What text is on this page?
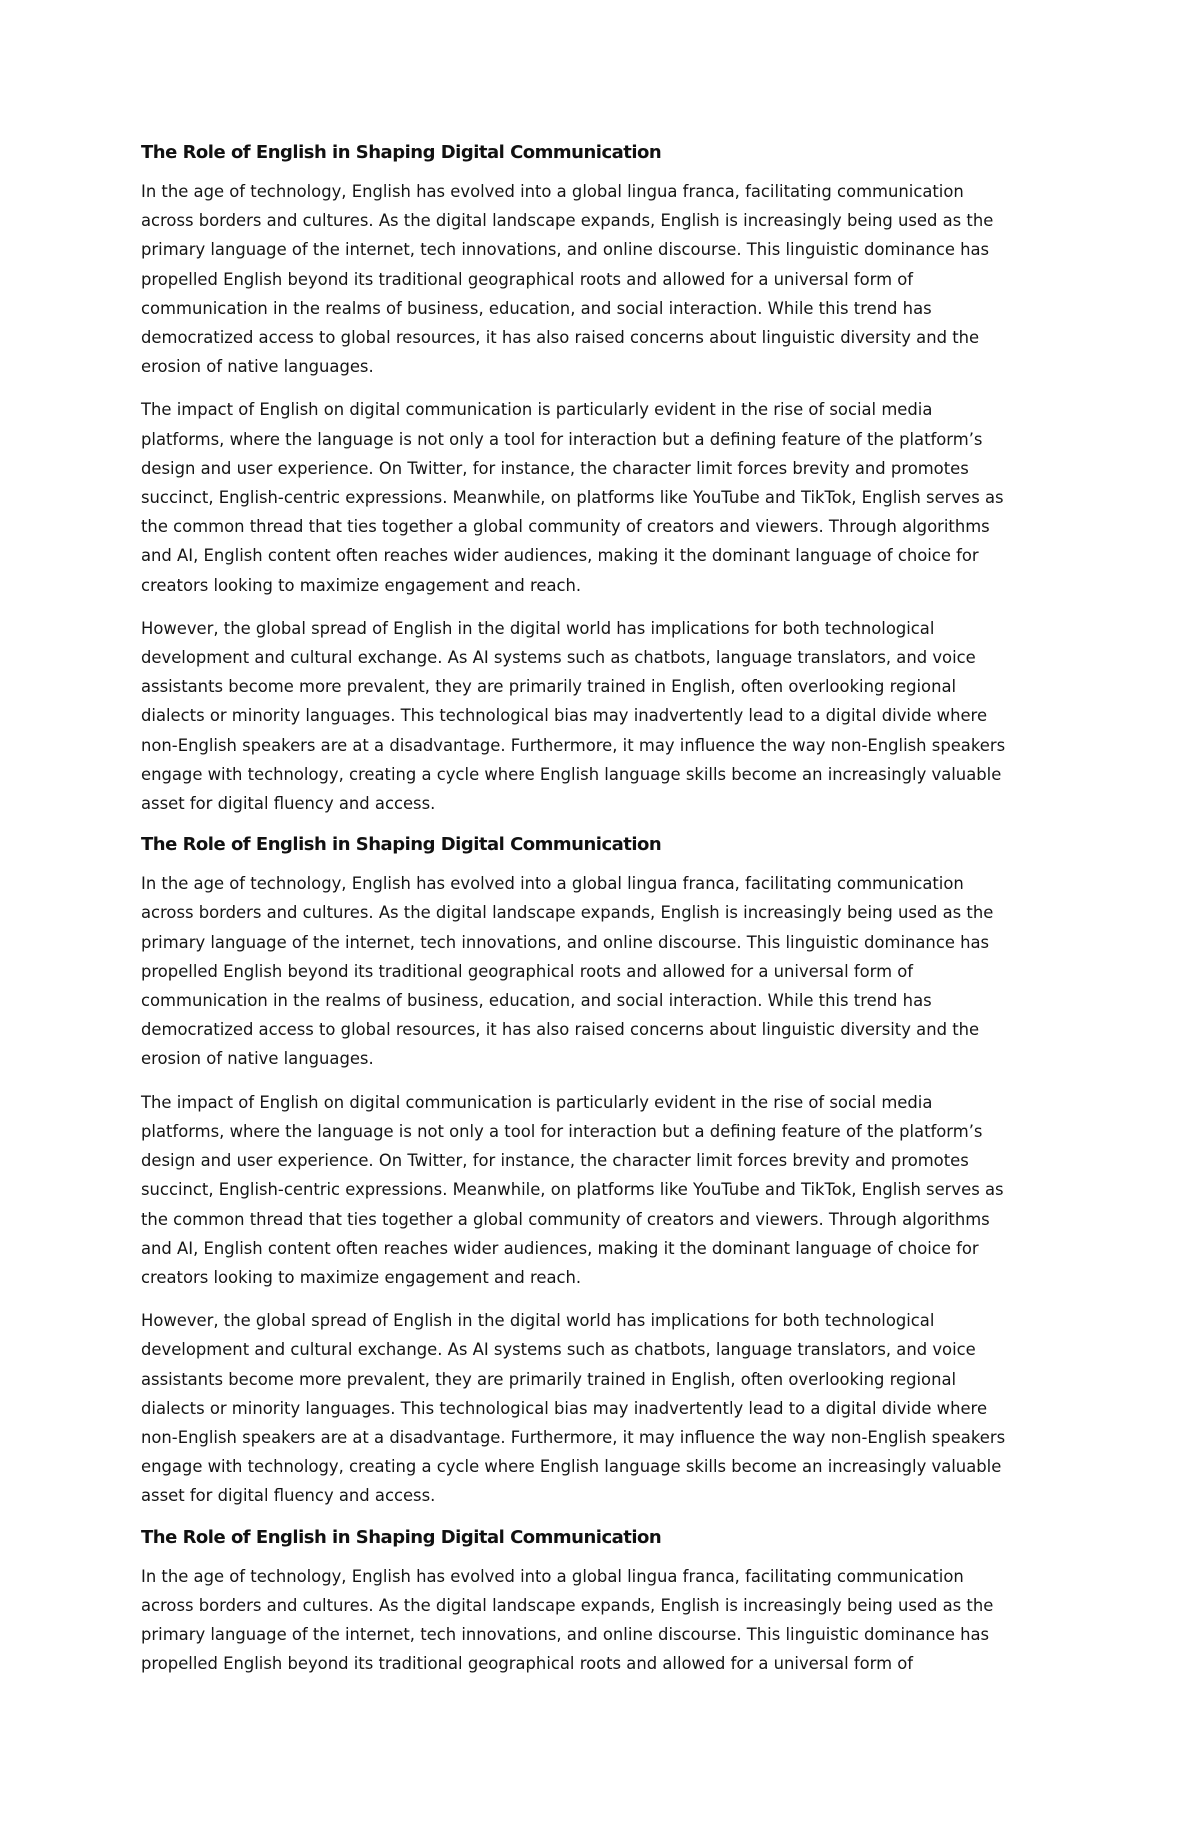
The Role of English in Shaping Digital Communication

In the age of technology, English has evolved into a global lingua franca, facilitating communication
across borders and cultures. As the digital landscape expands, English is increasingly being used as the
primary language of the internet, tech innovations, and online discourse. This linguistic dominance has
propelled English beyond its traditional geographical roots and allowed for a universal form of
communication in the realms of business, education, and social interaction. While this trend has
democratized access to global resources, it has also raised concerns about linguistic diversity and the
erosion of native languages.

The impact of English on digital communication is particularly evident in the rise of social media
platforms, where the language is not only a tool for interaction but a defining feature of the platform’s
design and user experience. On Twitter, for instance, the character limit forces brevity and promotes
succinct, English-centric expressions. Meanwhile, on platforms like YouTube and TikTok, English serves as
the common thread that ties together a global community of creators and viewers. Through algorithms
and AI, English content often reaches wider audiences, making it the dominant language of choice for
creators looking to maximize engagement and reach.

However, the global spread of English in the digital world has implications for both technological
development and cultural exchange. As AI systems such as chatbots, language translators, and voice
assistants become more prevalent, they are primarily trained in English, often overlooking regional
dialects or minority languages. This technological bias may inadvertently lead to a digital divide where
non-English speakers are at a disadvantage. Furthermore, it may influence the way non-English speakers
engage with technology, creating a cycle where English language skills become an increasingly valuable
asset for digital fluency and access.

The Role of English in Shaping Digital Communication

In the age of technology, English has evolved into a global lingua franca, facilitating communication
across borders and cultures. As the digital landscape expands, English is increasingly being used as the
primary language of the internet, tech innovations, and online discourse. This linguistic dominance has
propelled English beyond its traditional geographical roots and allowed for a universal form of
communication in the realms of business, education, and social interaction. While this trend has
democratized access to global resources, it has also raised concerns about linguistic diversity and the
erosion of native languages.

The impact of English on digital communication is particularly evident in the rise of social media
platforms, where the language is not only a tool for interaction but a defining feature of the platform’s
design and user experience. On Twitter, for instance, the character limit forces brevity and promotes
succinct, English-centric expressions. Meanwhile, on platforms like YouTube and TikTok, English serves as
the common thread that ties together a global community of creators and viewers. Through algorithms
and AI, English content often reaches wider audiences, making it the dominant language of choice for
creators looking to maximize engagement and reach.

However, the global spread of English in the digital world has implications for both technological
development and cultural exchange. As AI systems such as chatbots, language translators, and voice
assistants become more prevalent, they are primarily trained in English, often overlooking regional
dialects or minority languages. This technological bias may inadvertently lead to a digital divide where
non-English speakers are at a disadvantage. Furthermore, it may influence the way non-English speakers
engage with technology, creating a cycle where English language skills become an increasingly valuable
asset for digital fluency and access.

The Role of English in Shaping Digital Communication

In the age of technology, English has evolved into a global lingua franca, facilitating communication
across borders and cultures. As the digital landscape expands, English is increasingly being used as the
primary language of the internet, tech innovations, and online discourse. This linguistic dominance has
propelled English beyond its traditional geographical roots and allowed for a universal form of
